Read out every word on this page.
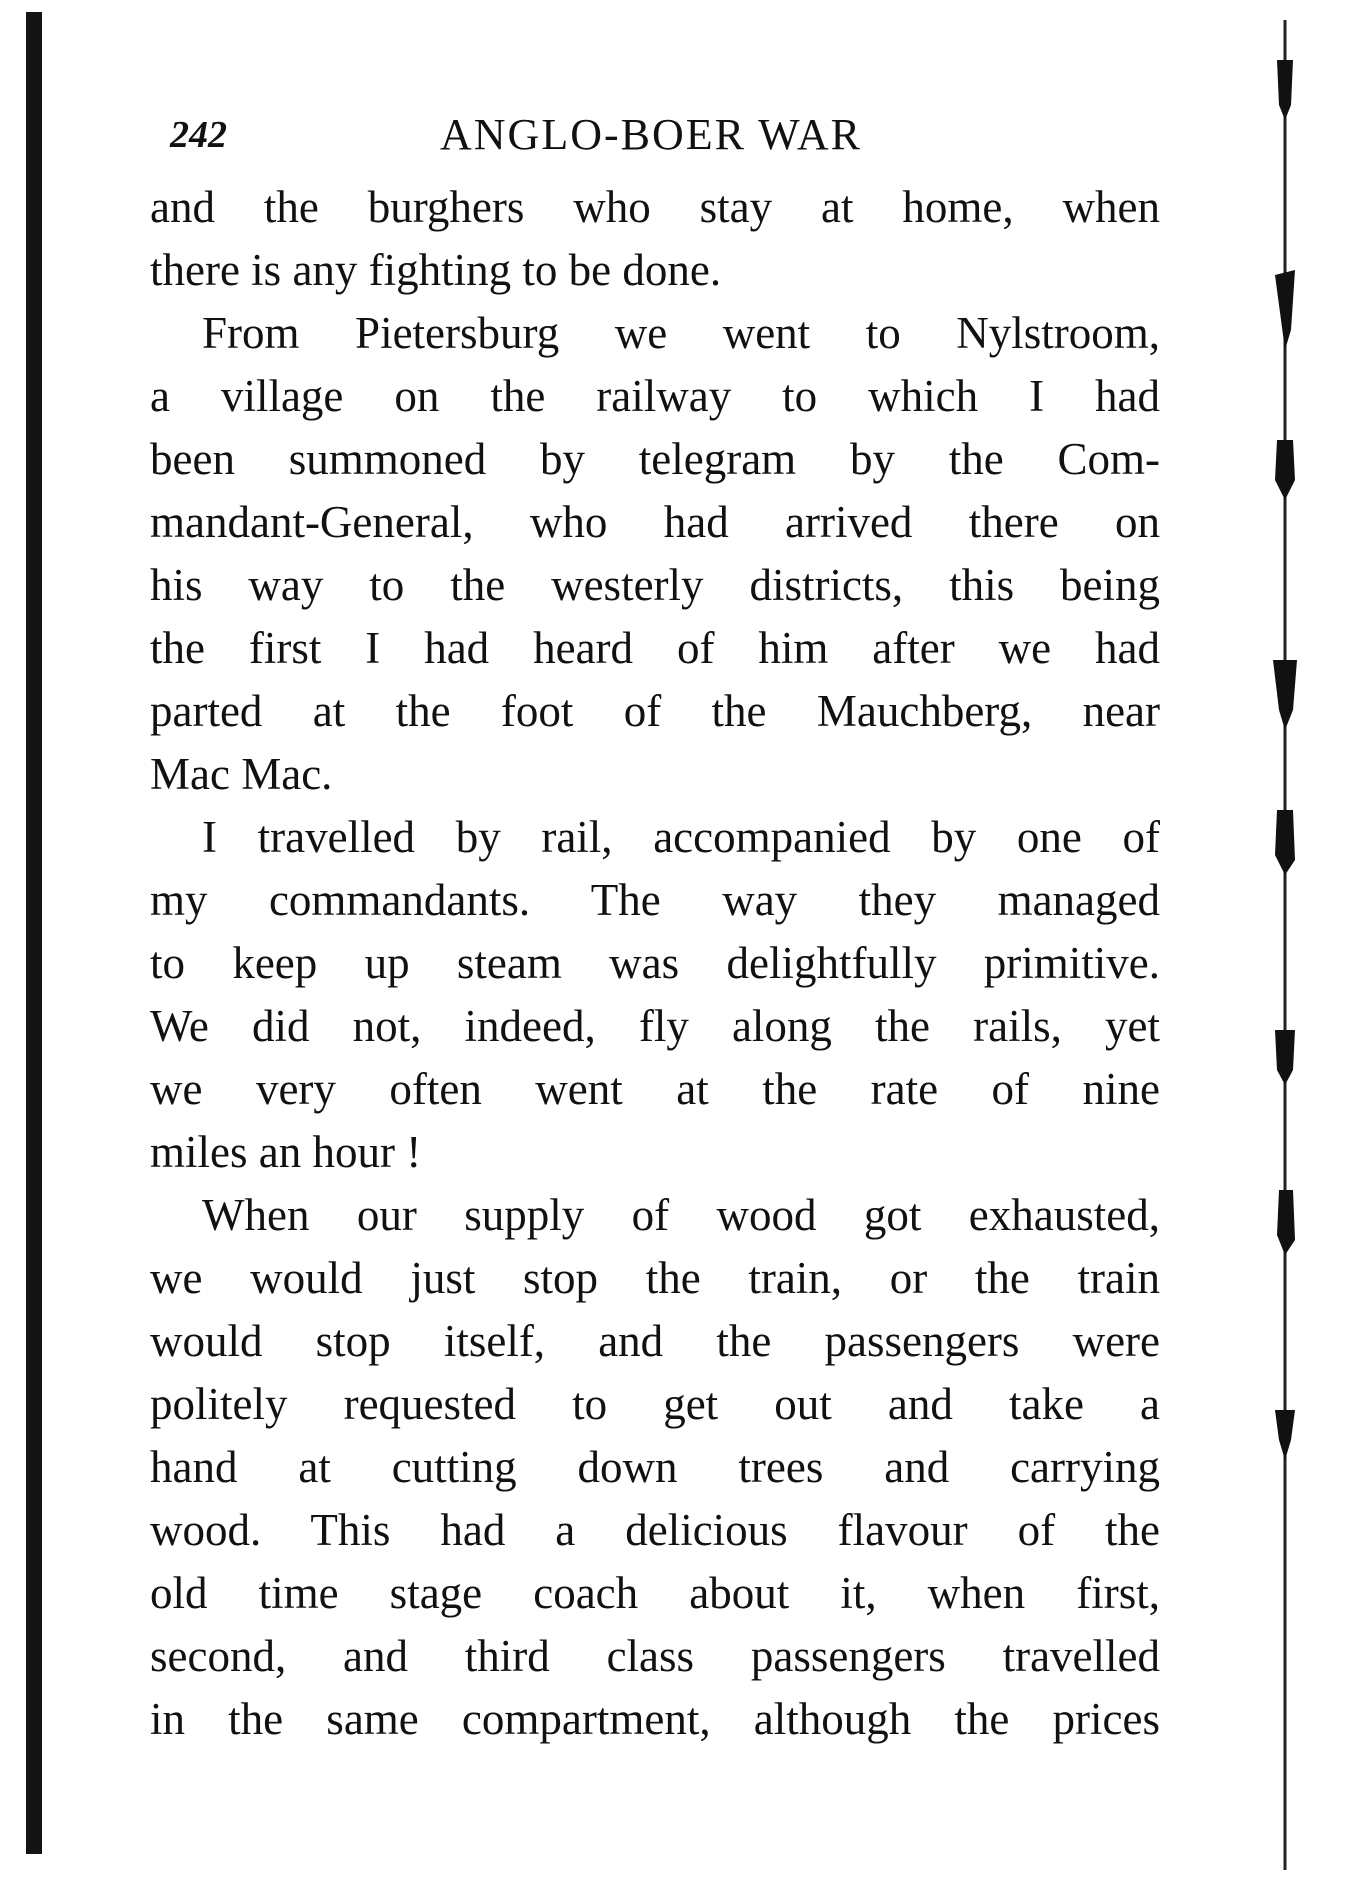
242	ANGLO-BOER WAR
and the burghers who stay at home, when
there is any fighting to be done.
From Pietersburg we went to Nylstroom,
a village on the railway to which I had
been summoned by telegram by the Com-
mandant-General, who had arrived there on
his way to the westerly districts, this being
the first I had heard of him after we had
parted at the foot of the Mauchberg, near
Mac Mac.
I travelled by rail, accompanied by one of
my commandants. The way they managed
to keep up steam was delightfully primitive.
We did not, indeed, fly along the rails, yet
we very often went at the rate of nine
miles an hour !
When our supply of wood got exhausted,
we would just stop the train, or the train
would stop itself, and the passengers were
politely requested to get out and take a
hand at cutting down trees and carrying
wood. This had a delicious flavour of the
old time stage coach about it, when first,
second, and third class passengers travelled
in the same compartment, although the prices
